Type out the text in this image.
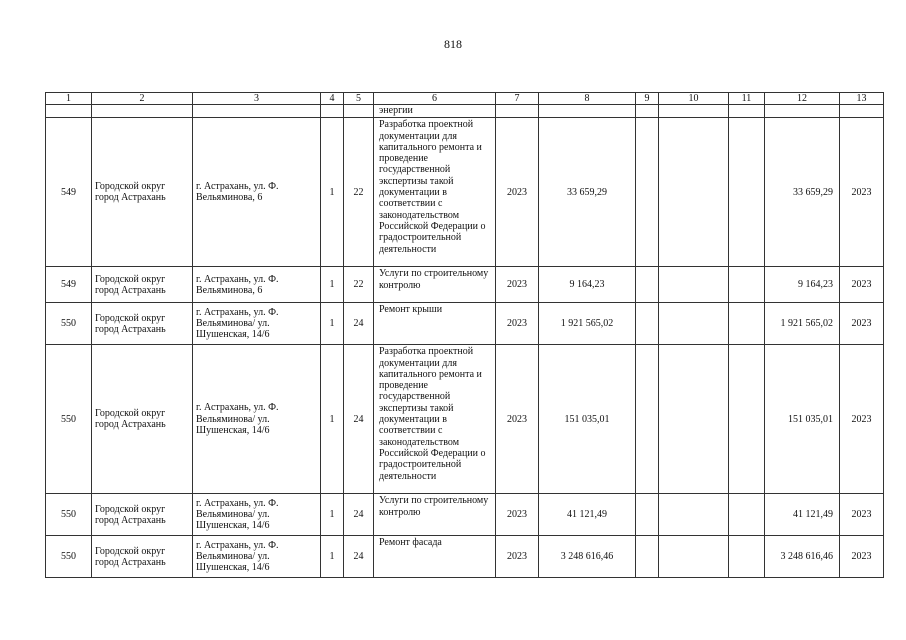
818
1	2	3	4	5	6	7	8	9	10	11	12	13
					энергии							
549	Городской округ город Астрахань	г. Астрахань, ул. Ф. Вельяминова, 6	1	22	Разработка проектной документации для капитального ремонта и проведение государственной экспертизы такой документации в соответствии с законодательством Российской Федерации о градостроительной деятельности	2023	33 659,29				33 659,29	2023
549	Городской округ город Астрахань	г. Астрахань, ул. Ф. Вельяминова, 6	1	22	Услуги по строительному контролю	2023	9 164,23				9 164,23	2023
550	Городской округ город Астрахань	г. Астрахань, ул. Ф. Вельяминова/ ул. Шушенская, 14/6	1	24	Ремонт крыши	2023	1 921 565,02				1 921 565,02	2023
550	Городской округ город Астрахань	г. Астрахань, ул. Ф. Вельяминова/ ул. Шушенская, 14/6	1	24	Разработка проектной документации для капитального ремонта и проведение государственной экспертизы такой документации в соответствии с законодательством Российской Федерации о градостроительной деятельности	2023	151 035,01				151 035,01	2023
550	Городской округ город Астрахань	г. Астрахань, ул. Ф. Вельяминова/ ул. Шушенская, 14/6	1	24	Услуги по строительному контролю	2023	41 121,49				41 121,49	2023
550	Городской округ город Астрахань	г. Астрахань, ул. Ф. Вельяминова/ ул. Шушенская, 14/6	1	24	Ремонт фасада	2023	3 248 616,46				3 248 616,46	2023
